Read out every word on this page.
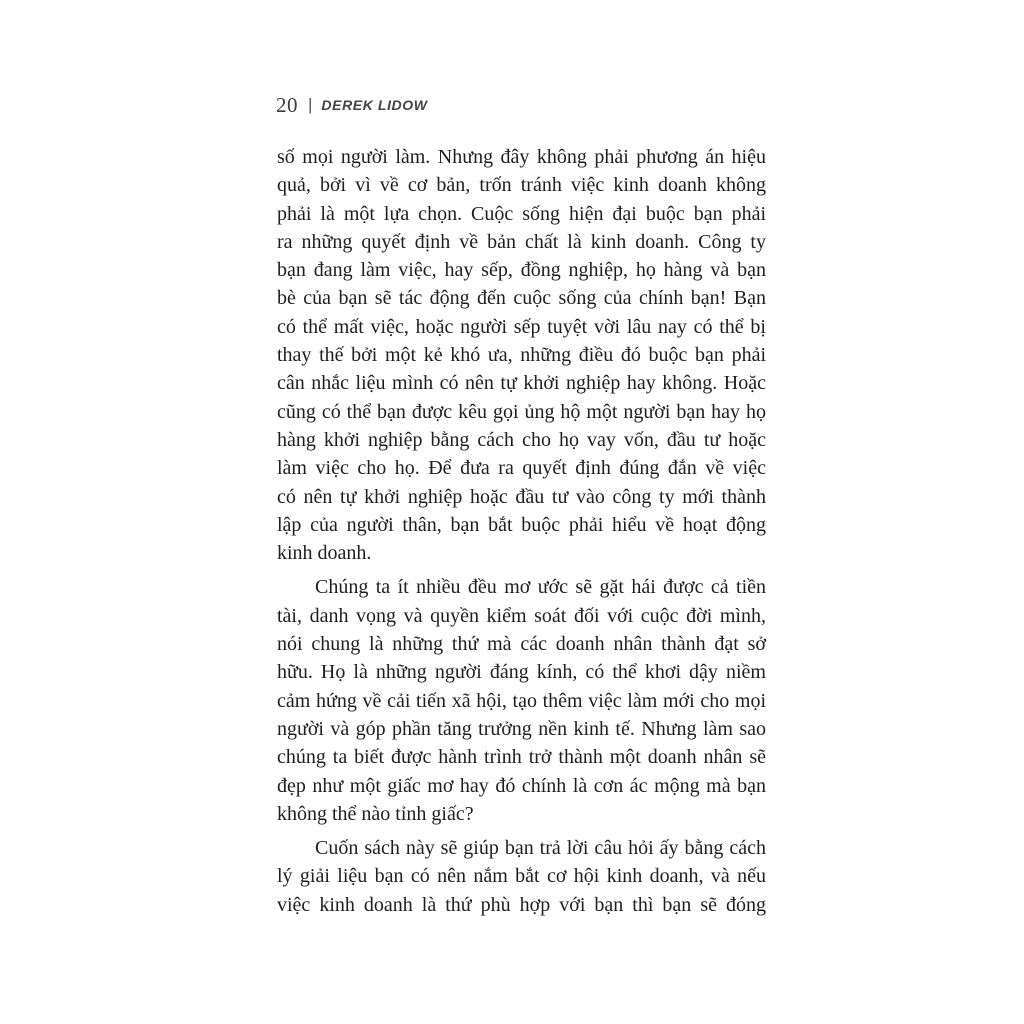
20 | DEREK LIDOW
số mọi người làm. Nhưng đây không phải phương án hiệu
quả, bởi vì về cơ bản, trốn tránh việc kinh doanh không
phải là một lựa chọn. Cuộc sống hiện đại buộc bạn phải
ra những quyết định về bản chất là kinh doanh. Công ty
bạn đang làm việc, hay sếp, đồng nghiệp, họ hàng và bạn
bè của bạn sẽ tác động đến cuộc sống của chính bạn! Bạn
có thể mất việc, hoặc người sếp tuyệt vời lâu nay có thể bị
thay thế bởi một kẻ khó ưa, những điều đó buộc bạn phải
cân nhắc liệu mình có nên tự khởi nghiệp hay không. Hoặc
cũng có thể bạn được kêu gọi ủng hộ một người bạn hay họ
hàng khởi nghiệp bằng cách cho họ vay vốn, đầu tư hoặc
làm việc cho họ. Để đưa ra quyết định đúng đắn về việc
có nên tự khởi nghiệp hoặc đầu tư vào công ty mới thành
lập của người thân, bạn bắt buộc phải hiểu về hoạt động
kinh doanh.
Chúng ta ít nhiều đều mơ ước sẽ gặt hái được cả tiền
tài, danh vọng và quyền kiểm soát đối với cuộc đời mình,
nói chung là những thứ mà các doanh nhân thành đạt sở
hữu. Họ là những người đáng kính, có thể khơi dậy niềm
cảm hứng về cải tiến xã hội, tạo thêm việc làm mới cho mọi
người và góp phần tăng trưởng nền kinh tế. Nhưng làm sao
chúng ta biết được hành trình trở thành một doanh nhân sẽ
đẹp như một giấc mơ hay đó chính là cơn ác mộng mà bạn
không thể nào tỉnh giấc?
Cuốn sách này sẽ giúp bạn trả lời câu hỏi ấy bằng cách
lý giải liệu bạn có nên nắm bắt cơ hội kinh doanh, và nếu
việc kinh doanh là thứ phù hợp với bạn thì bạn sẽ đóng
